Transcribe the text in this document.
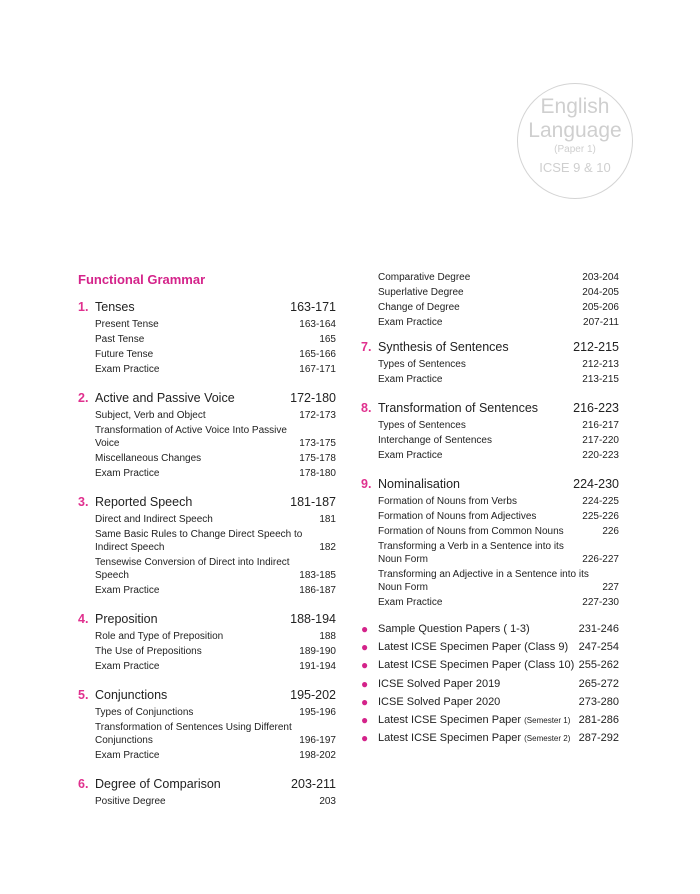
English
Language
(Paper 1)
ICSE 9 & 10
Functional Grammar
1. Tenses	163-171
Present Tense	163-164
Past Tense	165
Future Tense	165-166
Exam Practice	167-171
2. Active and Passive Voice	172-180
Subject, Verb and Object	172-173
Transformation of Active Voice Into Passive Voice	173-175
Miscellaneous Changes	175-178
Exam Practice	178-180
3. Reported Speech	181-187
Direct and Indirect Speech	181
Same Basic Rules to Change Direct Speech to Indirect Speech	182
Tensewise Conversion of Direct into Indirect Speech	183-185
Exam Practice	186-187
4. Preposition	188-194
Role and Type of Preposition	188
The Use of Prepositions	189-190
Exam Practice	191-194
5. Conjunctions	195-202
Types of Conjunctions	195-196
Transformation of Sentences Using Different Conjunctions	196-197
Exam Practice	198-202
6. Degree of Comparison	203-211
Positive Degree	203
Comparative Degree	203-204
Superlative Degree	204-205
Change of Degree	205-206
Exam Practice	207-211
7. Synthesis of Sentences	212-215
Types of Sentences	212-213
Exam Practice	213-215
8. Transformation of Sentences	216-223
Types of Sentences	216-217
Interchange of Sentences	217-220
Exam Practice	220-223
9. Nominalisation	224-230
Formation of Nouns from Verbs	224-225
Formation of Nouns from Adjectives	225-226
Formation of Nouns from Common Nouns	226
Transforming a Verb in a Sentence into its Noun Form	226-227
Transforming an Adjective in a Sentence into its Noun Form	227
Exam Practice	227-230
● Sample Question Papers ( 1-3)	231-246
● Latest ICSE Specimen Paper (Class 9) 247-254
● Latest ICSE Specimen Paper (Class 10) 255-262
● ICSE Solved Paper 2019	265-272
● ICSE Solved Paper 2020	273-280
● Latest ICSE Specimen Paper (Semester 1) 281-286
● Latest ICSE Specimen Paper (Semester 2) 287-292
